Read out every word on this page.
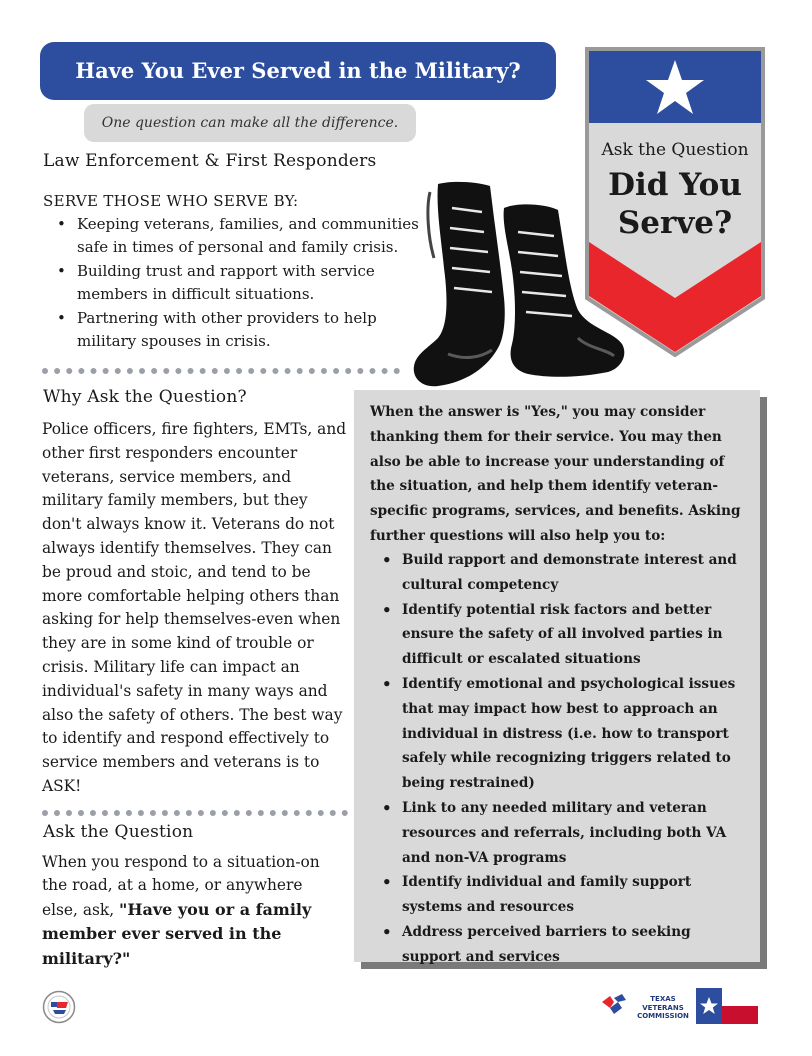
Have You Ever Served in the Military?
One question can make all the difference.
Ask the Question
Did You
Serve?
Law Enforcement & First Responders
SERVE THOSE WHO SERVE BY:
• Keeping veterans, families, and communities safe in times of personal and family crisis.
• Building trust and rapport with service members in difficult situations.
• Partnering with other providers to help military spouses in crisis.
Why Ask the Question?

Police officers, fire fighters, EMTs, and other first responders encounter veterans, service members, and military family members, but they don't always know it. Veterans do not always identify themselves. They can be proud and stoic, and tend to be more comfortable helping others than asking for help themselves-even when they are in some kind of trouble or crisis. Military life can impact an individual's safety in many ways and also the safety of others. The best way to identify and respond effectively to service members and veterans is to ASK!

Ask the Question

When you respond to a situation-on the road, at a home, or anywhere else, ask, "Have you or a family member ever served in the military?"

When the answer is "Yes," you may consider thanking them for their service. You may then also be able to increase your understanding of the situation, and help them identify veteran-specific programs, services, and benefits. Asking further questions will also help you to:

• Build rapport and demonstrate interest and cultural competency
• Identify potential risk factors and better ensure the safety of all involved parties in difficult or escalated situations
• Identify emotional and psychological issues that may impact how best to approach an individual in distress (i.e. how to transport safely while recognizing triggers related to being restrained)
• Link to any needed military and veteran resources and referrals, including both VA and non-VA programs
• Identify individual and family support systems and resources
• Address perceived barriers to seeking support and services
TEXAS VETERANS COMMISSION
